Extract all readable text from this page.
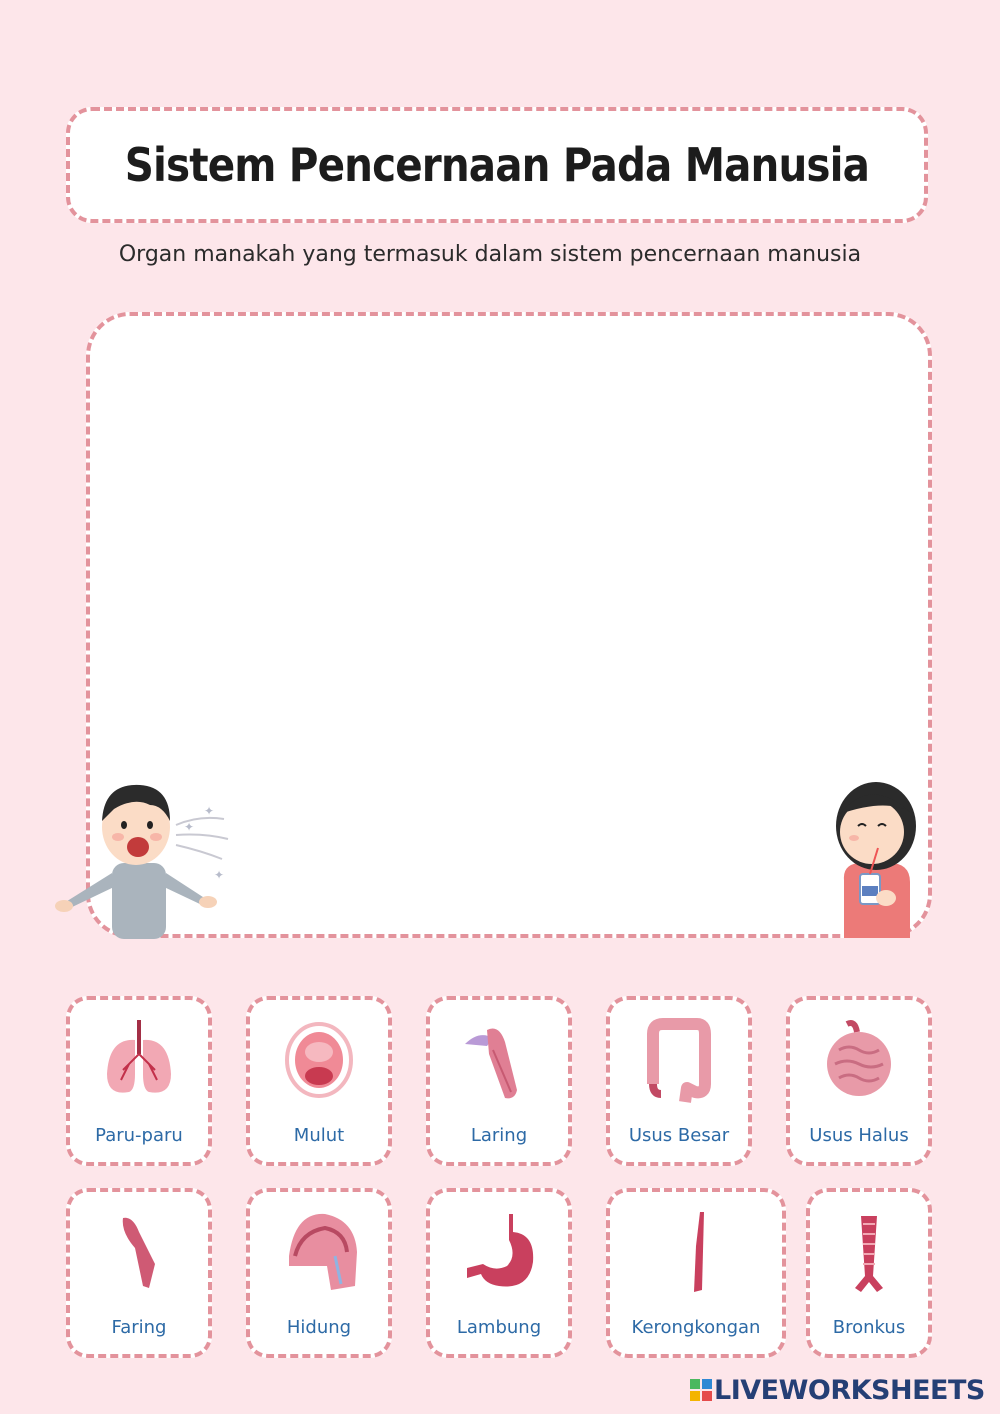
Sistem Pencernaan Pada Manusia
Organ manakah yang termasuk dalam sistem pencernaan manusia
✦
✦
✦
Paru-paru	Mulut	Laring	Usus Besar	Usus Halus
Faring	Hidung	Lambung	Kerongkongan	Bronkus
LIVEWORKSHEETS
